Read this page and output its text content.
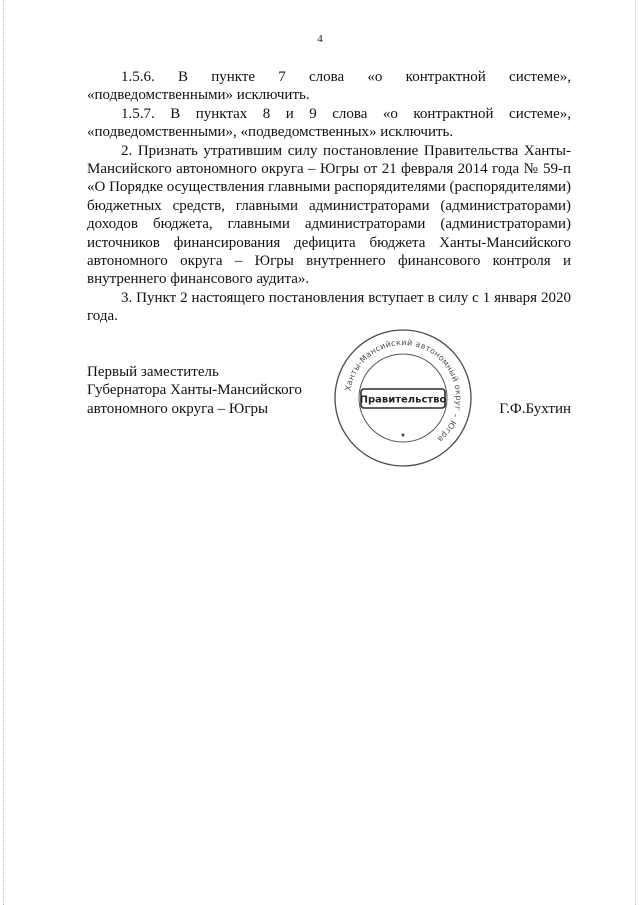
4

1.5.6. В пункте 7 слова «о контрактной системе», «подведомственными» исключить.

1.5.7. В пунктах 8 и 9 слова «о контрактной системе», «подведомственными», «подведомственных» исключить.

2. Признать утратившим силу постановление Правительства Ханты-Мансийского автономного округа – Югры от 21 февраля 2014 года № 59-п «О Порядке осуществления главными распорядителями (распорядителями) бюджетных средств, главными администраторами (администраторами) доходов бюджета, главными администраторами (администраторами) источников финансирования дефицита бюджета Ханты-Мансийского автономного округа – Югры внутреннего финансового контроля и внутреннего финансового аудита».

3. Пункт 2 настоящего постановления вступает в силу с 1 января 2020 года.

Первый заместитель
Губернатора Ханты-Мансийского
автономного округа – Югры	Г.Ф.Бухтин
Ханты-Мансийский автономный округ – Югра
Правительство
★
